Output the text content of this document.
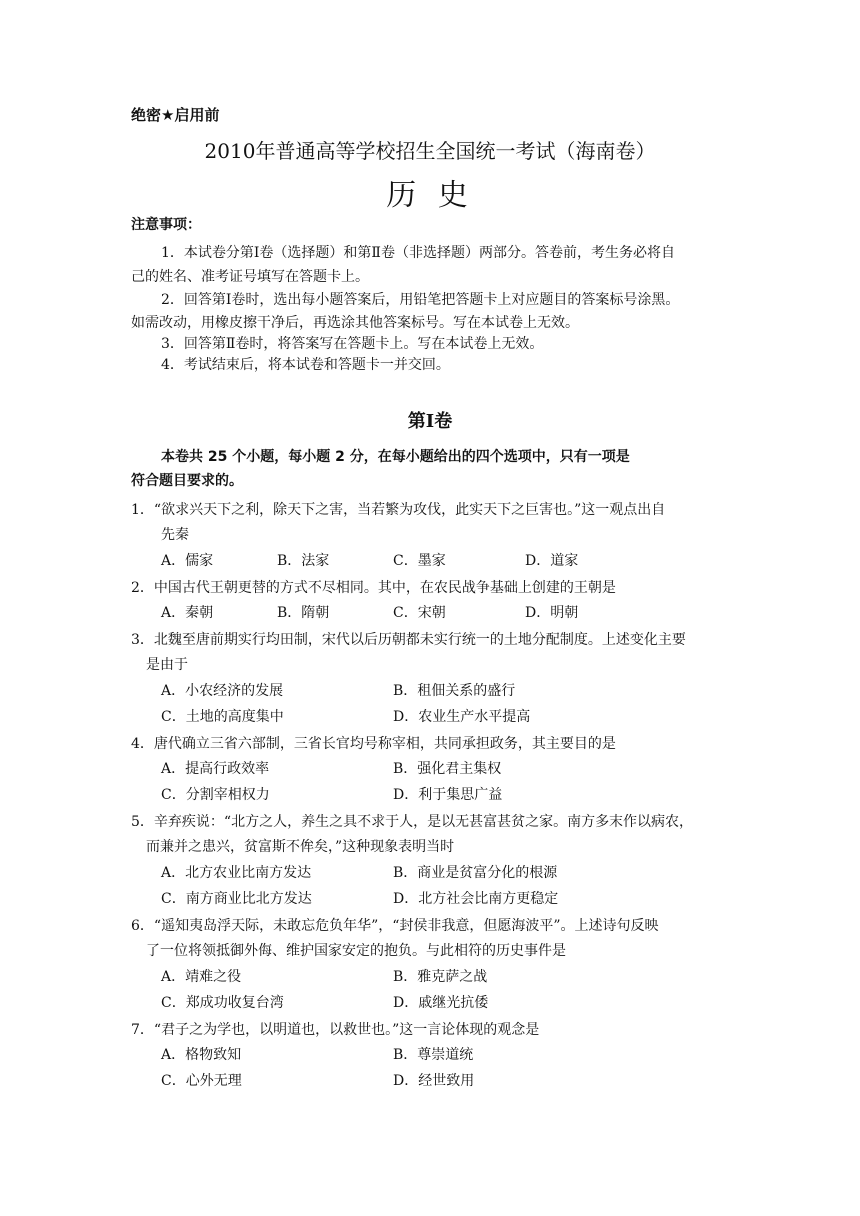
绝密★启用前
2010年普通高等学校招生全国统一考试（海南卷）
历 史
注意事项：
1．本试卷分第Ⅰ卷（选择题）和第Ⅱ卷（非选择题）两部分。答卷前，考生务必将自
己的姓名、准考证号填写在答题卡上。
2．回答第Ⅰ卷时，选出每小题答案后，用铅笔把答题卡上对应题目的答案标号涂黑。
如需改动，用橡皮擦干净后，再选涂其他答案标号。写在本试卷上无效。
3．回答第Ⅱ卷时，将答案写在答题卡上。写在本试卷上无效。
4．考试结束后，将本试卷和答题卡一并交回。
第Ⅰ卷
本卷共 25 个小题，每小题 2 分，在每小题给出的四个选项中，只有一项是
符合题目要求的。
1．“欲求兴天下之利，除天下之害，当若繁为攻伐，此实天下之巨害也。”这一观点出自
先秦
A．儒家	B．法家	C．墨家	D．道家
2．中国古代王朝更替的方式不尽相同。其中，在农民战争基础上创建的王朝是
A．秦朝	B．隋朝	C．宋朝	D．明朝
3．北魏至唐前期实行均田制，宋代以后历朝都未实行统一的土地分配制度。上述变化主要
是由于
A．小农经济的发展	B．租佃关系的盛行
C．土地的高度集中	D．农业生产水平提高
4．唐代确立三省六部制，三省长官均号称宰相，共同承担政务，其主要目的是
A．提高行政效率	B．强化君主集权
C．分割宰相权力	D．利于集思广益
5．辛弃疾说：“北方之人，养生之具不求于人，是以无甚富甚贫之家。南方多末作以病农，
而兼并之患兴，贫富斯不侔矣，”这种现象表明当时
A．北方农业比南方发达	B．商业是贫富分化的根源
C．南方商业比北方发达	D．北方社会比南方更稳定
6．“遥知夷岛浮天际，未敢忘危负年华”，“封侯非我意，但愿海波平”。上述诗句反映
了一位将领抵御外侮、维护国家安定的抱负。与此相符的历史事件是
A．靖难之役	B．雅克萨之战
C．郑成功收复台湾	D．戚继光抗倭
7．“君子之为学也，以明道也，以救世也。”这一言论体现的观念是
A．格物致知	B．尊崇道统
C．心外无理	D．经世致用
